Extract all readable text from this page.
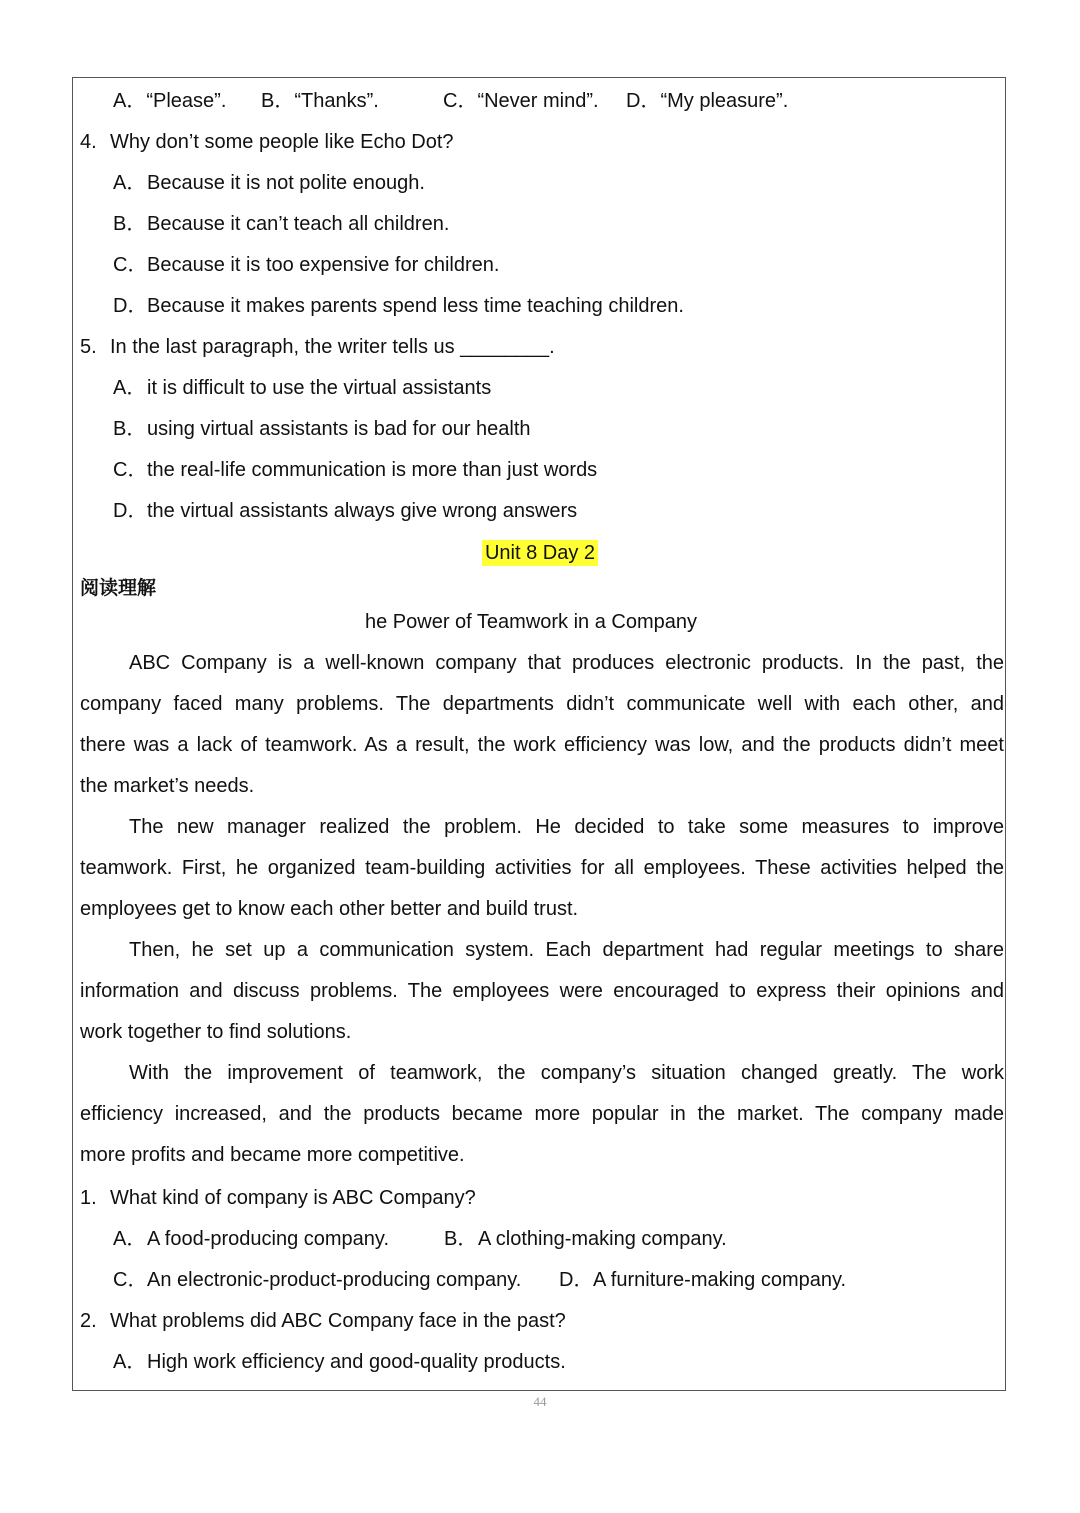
A．“Please”. B．“Thanks”.	C．“Never mind”. D．“My pleasure”.
4. Why don’t some people like Echo Dot?
A．Because it is not polite enough.
B．Because it can’t teach all children.
C．Because it is too expensive for children.
D．Because it makes parents spend less time teaching children.
5. In the last paragraph, the writer tells us ________.
A．it is difficult to use the virtual assistants
B．using virtual assistants is bad for our health
C．the real-life communication is more than just words
D．the virtual assistants always give wrong answers
Unit 8 Day 2
阅读理解
he Power of Teamwork in a Company
ABC Company is a well-known company that produces electronic products. In the past, the
company faced many problems. The departments didn’t communicate well with each other, and
there was a lack of teamwork. As a result, the work efficiency was low, and the products didn’t meet
the market’s needs.
The new manager realized the problem. He decided to take some measures to improve
teamwork. First, he organized team-building activities for all employees. These activities helped the
employees get to know each other better and build trust.
Then, he set up a communication system. Each department had regular meetings to share
information and discuss problems. The employees were encouraged to express their opinions and
work together to find solutions.
With the improvement of teamwork, the company’s situation changed greatly. The work
efficiency increased, and the products became more popular in the market. The company made
more profits and became more competitive.
1. What kind of company is ABC Company?
A．A food-producing company.	B．A clothing-making company.
C．An electronic-product-producing company. D．A furniture-making company.
2. What problems did ABC Company face in the past?
A．High work efficiency and good-quality products.
44
